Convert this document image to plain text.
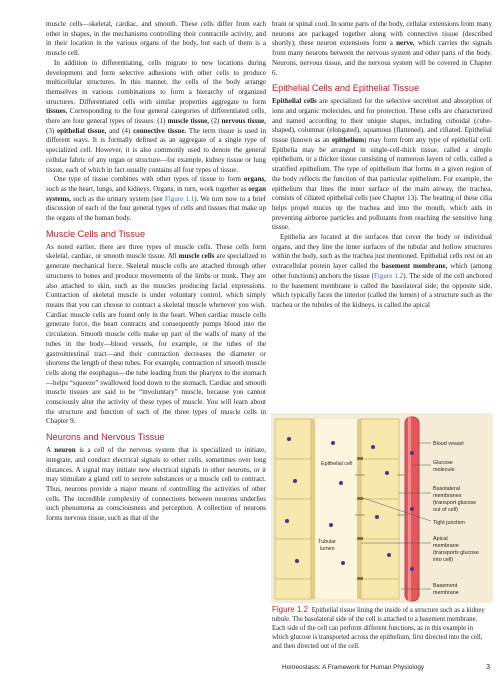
muscle cells—skeletal, cardiac, and smooth. These cells differ from each other in shapes, in the mechanisms controlling their contractile activity, and in their location in the various organs of the body, but each of them is a muscle cell.

In addition to differentiating, cells migrate to new locations during development and form selective adhesions with other cells to produce multicellular structures. In this manner, the cells of the body arrange themselves in various combinations to form a hierarchy of organized structures. Differentiated cells with similar properties aggregate to form tissues. Corresponding to the four general categories of differentiated cells, there are four general types of tissues: (1) muscle tissue, (2) nervous tissue, (3) epithelial tissue, and (4) connective tissue. The term tissue is used in different ways. It is formally defined as an aggregate of a single type of specialized cell. However, it is also commonly used to denote the general cellular fabric of any organ or structure—for example, kidney tissue or lung tissue, each of which in fact usually contains all four types of tissue.

One type of tissue combines with other types of tissue to form organs, such as the heart, lungs, and kidneys. Organs, in turn, work together as organ systems, such as the urinary system (see Figure 1.1). We turn now to a brief discussion of each of the four general types of cells and tissues that make up the organs of the human body.

Muscle Cells and Tissue

As noted earlier, there are three types of muscle cells. These cells form skeletal, cardiac, or smooth muscle tissue. All muscle cells are specialized to generate mechanical force. Skeletal muscle cells are attached through other structures to bones and produce movements of the limbs or trunk. They are also attached to skin, such as the muscles producing facial expressions. Contraction of skeletal muscle is under voluntary control, which simply means that you can choose to contract a skeletal muscle whenever you wish. Cardiac muscle cells are found only in the heart. When cardiac muscle cells generate force, the heart contracts and consequently pumps blood into the circulation. Smooth muscle cells make up part of the walls of many of the tubes in the body—blood vessels, for example, or the tubes of the gastrointestinal tract—and their contraction decreases the diameter or shortens the length of these tubes. For example, contraction of smooth muscle cells along the esophagus—the tube leading from the pharynx to the stomach—helps “squeeze” swallowed food down to the stomach. Cardiac and smooth muscle tissues are said to be “involuntary” muscle, because you cannot consciously alter the activity of these types of muscle. You will learn about the structure and function of each of the three types of muscle cells in Chapter 9.

Neurons and Nervous Tissue

A neuron is a cell of the nervous system that is specialized to initiate, integrate, and conduct electrical signals to other cells, sometimes over long distances. A signal may initiate new electrical signals in other neurons, or it may stimulate a gland cell to secrete substances or a muscle cell to contract. Thus, neurons provide a major means of controlling the activities of other cells. The incredible complexity of connections between neurons underlies such phenomena as consciousness and perception. A collection of neurons forms nervous tissue, such as that of the

brain or spinal cord. In some parts of the body, cellular extensions from many neurons are packaged together along with connective tissue (described shortly); these neuron extensions form a nerve, which carries the signals from many neurons between the nervous system and other parts of the body. Neurons, nervous tissue, and the nervous system will be covered in Chapter 6.

Epithelial Cells and Epithelial Tissue

Epithelial cells are specialized for the selective secretion and absorption of ions and organic molecules, and for protection. These cells are characterized and named according to their unique shapes, including cuboidal (cube-shaped), columnar (elongated), squamous (flattened), and ciliated. Epithelial tissue (known as an epithelium) may form from any type of epithelial cell. Epithelia may be arranged in single-cell-thick tissue, called a simple epithelium, or a thicker tissue consisting of numerous layers of cells, called a stratified epithelium. The type of epithelium that forms in a given region of the body reflects the function of that particular epithelium. For example, the epithelium that lines the inner surface of the main airway, the trachea, consists of ciliated epithelial cells (see Chapter 13). The beating of these cilia helps propel mucus up the trachea and into the mouth, which aids in preventing airborne particles and pollutants from reaching the sensitive lung tissue.

Epithelia are located at the surfaces that cover the body or individual organs, and they line the inner surfaces of the tubular and hollow structures within the body, such as the trachea just mentioned. Epithelial cells rest on an extracellular protein layer called the basement membrane, which (among other functions) anchors the tissue (Figure 1.2). The side of the cell anchored to the basement membrane is called the basolateral side; the opposite side, which typically faces the interior (called the lumen) of a structure such as the trachea or the tubules of the kidneys, is called the apical

Epithelial cell
Tubular
lumen
Blood vessel
Glucose
molecule
Basolateral
membranes
(transport glucose
out of cell)
Tight junction
Apical
membrane
(transports glucose
into cell)
Basement
membrane
Figure 1.2 Epithelial tissue lining the inside of a structure such as a kidney tubule. The basolateral side of the cell is attached to a basement membrane. Each side of the cell can perform different functions, as in this example in which glucose is transported across the epithelium, first directed into the cell, and then directed out of the cell.
Homeostasis: A Framework for Human Physiology	3
